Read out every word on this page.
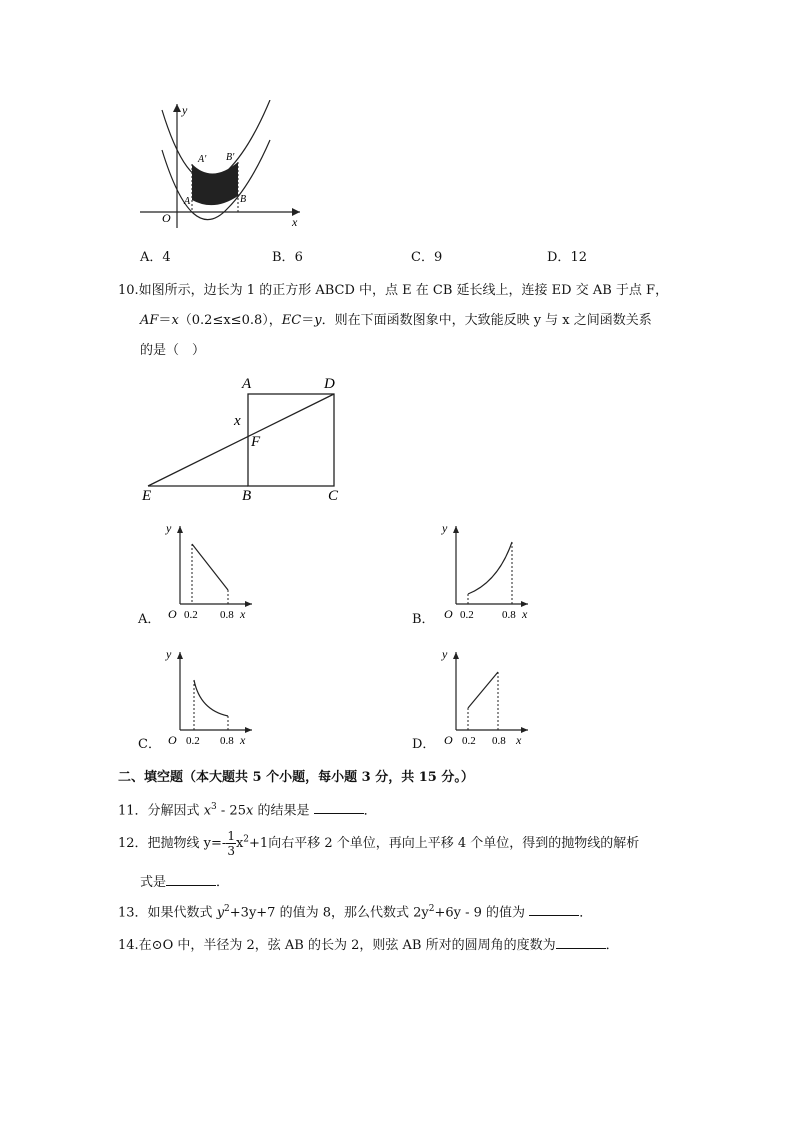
y
x
O
A' B'
A	B
A．4	B．6	C．9	D．12
10.如图所示，边长为 1 的正方形 ABCD 中，点 E 在 CB 延长线上，连接 ED 交 AB 于点 F，
AF＝x（0.2≤x≤0.8），EC＝y．则在下面函数图象中，大致能反映 y 与 x 之间函数关系
的是（　）
A	D
x
F
E	B	C
A．
y
O 0.2 0.8 x	B．
y
O 0.2	0.8 x
C．
y
O 0.2 0.8 x	D．
y
O 0.2 0.8 x
二、填空题（本大题共 5 个小题，每小题 3 分，共 15 分。）
11．分解因式 $x^3 - 25x$ 的结果是	．
12．把抛物线 $y=- \frac{1}{3} x^2+1$向右平移 2 个单位，再向上平移 4 个单位，得到的抛物线的解析
式是	．
13．如果代数式 $y^2+3y+7$ 的值为 8，那么代数式 $2y^2+6y - 9$ 的值为	．
14.在⊙O 中，半径为 2，弦 AB 的长为 2，则弦 AB 所对的圆周角的度数为	．
